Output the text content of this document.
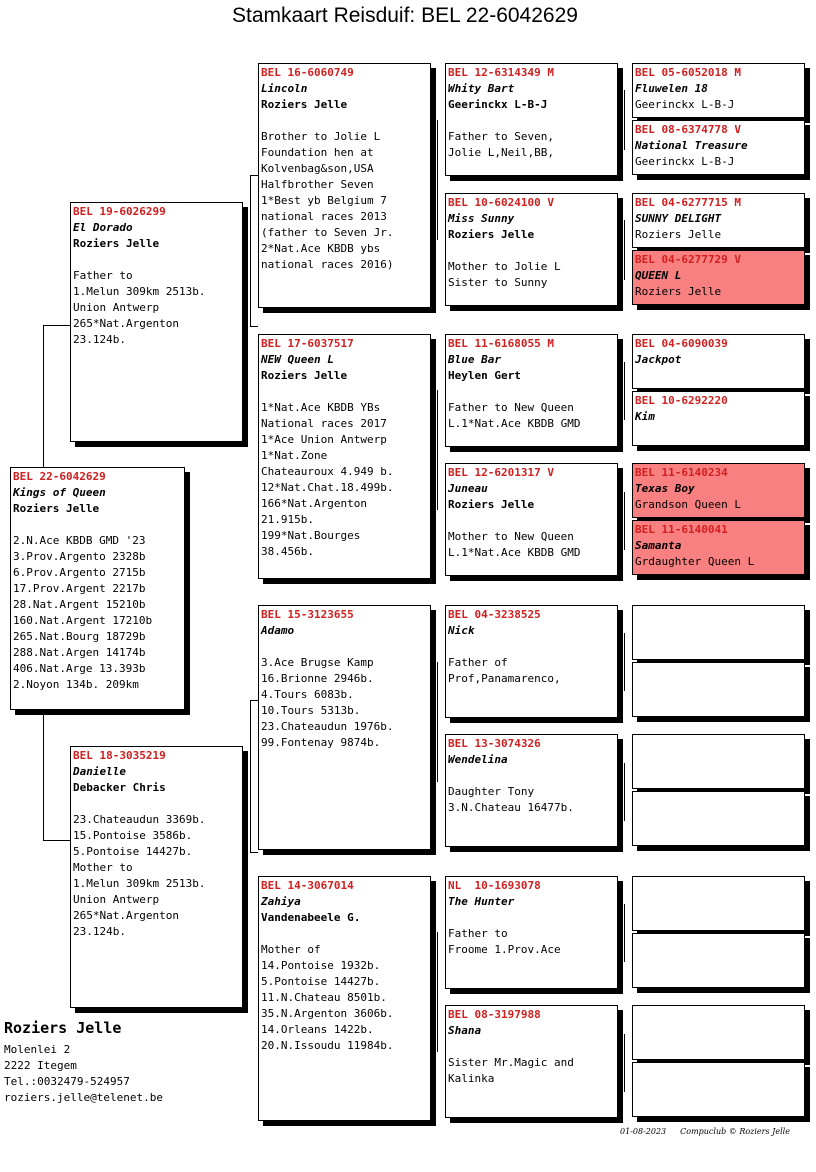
Stamkaart Reisduif: BEL 22-6042629
BEL 22-6042629
Kings of Queen
Roziers Jelle
2.N.Ace KBDB GMD '23
3.Prov.Argento 2328b
6.Prov.Argento 2715b
17.Prov.Argent 2217b
28.Nat.Argent 15210b
160.Nat.Argent 17210b
265.Nat.Bourg 18729b
288.Nat.Argen 14174b
406.Nat.Arge 13.393b
2.Noyon 134b. 209km
BEL 19-6026299
El Dorado
Roziers Jelle
Father to
1.Melun 309km 2513b.
Union Antwerp
265*Nat.Argenton
23.124b.
BEL 18-3035219
Danielle
Debacker Chris
23.Chateaudun 3369b.
15.Pontoise 3586b.
5.Pontoise 14427b.
Mother to
1.Melun 309km 2513b.
Union Antwerp
265*Nat.Argenton
23.124b.
BEL 16-6060749
Lincoln
Roziers Jelle
Brother to Jolie L
Foundation hen at
Kolvenbag&son,USA
Halfbrother Seven
1*Best yb Belgium 7
national races 2013
(father to Seven Jr.
2*Nat.Ace KBDB ybs
national races 2016)
BEL 17-6037517
NEW Queen L
Roziers Jelle
1*Nat.Ace KBDB YBs
National races 2017
1*Ace Union Antwerp
1*Nat.Zone
Chateauroux 4.949 b.
12*Nat.Chat.18.499b.
166*Nat.Argenton
21.915b.
199*Nat.Bourges
38.456b.
BEL 15-3123655
Adamo
3.Ace Brugse Kamp
16.Brionne 2946b.
4.Tours 6083b.
10.Tours 5313b.
23.Chateaudun 1976b.
99.Fontenay 9874b.
BEL 14-3067014
Zahiya
Vandenabeele G.
Mother of
14.Pontoise 1932b.
5.Pontoise 14427b.
11.N.Chateau 8501b.
35.N.Argenton 3606b.
14.Orleans 1422b.
20.N.Issoudu 11984b.
BEL 12-6314349 M
Whity Bart
Geerinckx L-B-J
Father to Seven,
Jolie L,Neil,BB,
BEL 10-6024100 V
Miss Sunny
Roziers Jelle
Mother to Jolie L
Sister to Sunny
BEL 11-6168055 M
Blue Bar
Heylen Gert
Father to New Queen
L.1*Nat.Ace KBDB GMD
BEL 12-6201317 V
Juneau
Roziers Jelle
Mother to New Queen
L.1*Nat.Ace KBDB GMD
BEL 04-3238525
Nick
Father of
Prof,Panamarenco,
BEL 13-3074326
Wendelina
Daughter Tony
3.N.Chateau 16477b.
NL  10-1693078
The Hunter
Father to
Froome 1.Prov.Ace
BEL 08-3197988
Shana
Sister Mr.Magic and
Kalinka
BEL 05-6052018 M
Fluwelen 18
Geerinckx L-B-J
BEL 08-6374778 V
National Treasure
Geerinckx L-B-J
BEL 04-6277715 M
SUNNY DELIGHT
Roziers Jelle
BEL 04-6277729 V
QUEEN L
Roziers Jelle
BEL 04-6090039
Jackpot
BEL 10-6292220
Kim
BEL 11-6140234
Texas Boy
Grandson Queen L
BEL 11-6140041
Samanta
Grdaughter Queen L
Roziers Jelle
Molenlei 2
2222 Itegem
Tel.:0032479-524957
roziers.jelle@telenet.be
01-08-2023 Compuclub © Roziers Jelle
